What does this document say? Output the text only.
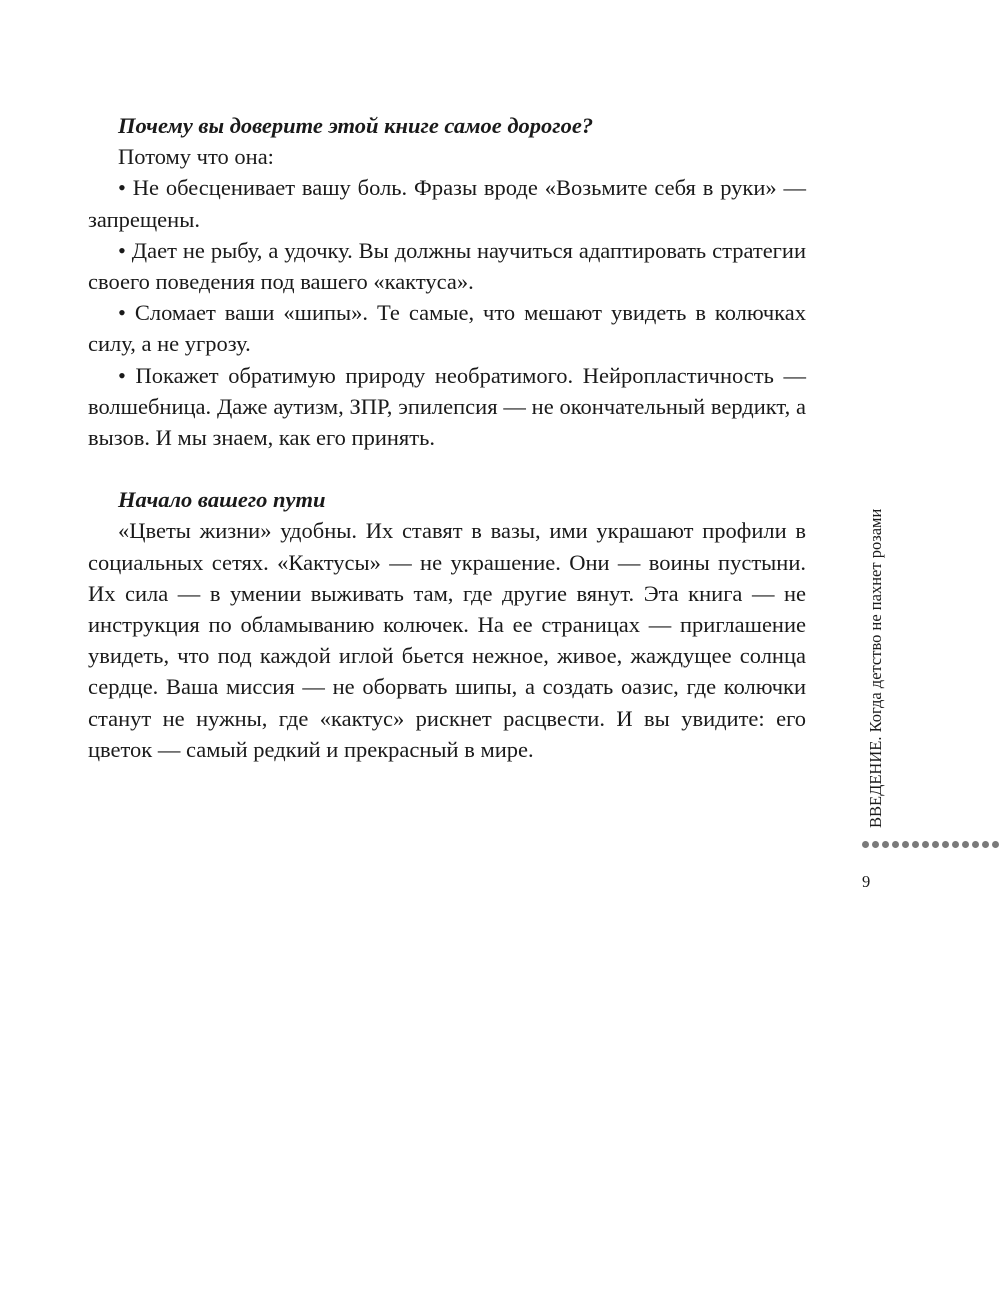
Почему вы доверите этой книге самое дорогое?

Потому что она:

• Не обесценивает вашу боль. Фразы вроде «Возьмите себя в руки» — запрещены.

• Дает не рыбу, а удочку. Вы должны научиться адаптировать стратегии своего поведения под вашего «кактуса».

• Сломает ваши «шипы». Те самые, что мешают увидеть в колючках силу, а не угрозу.

• Покажет обратимую природу необратимого. Нейропластичность — волшебница. Даже аутизм, ЗПР, эпилепсия — не окончательный вердикт, а вызов. И мы знаем, как его принять.

Начало вашего пути

«Цветы жизни» удобны. Их ставят в вазы, ими украшают профили в социальных сетях. «Кактусы» — не украшение. Они — воины пустыни. Их сила — в умении выживать там, где другие вянут. Эта книга — не инструкция по обламыванию колючек. На ее страницах — приглашение увидеть, что под каждой иглой бьется нежное, живое, жаждущее солнца сердце. Ваша миссия — не оборвать шипы, а создать оазис, где колючки станут не нужны, где «кактус» рискнет расцвести. И вы увидите: его цветок — самый редкий и прекрасный в мире.	ВВЕДЕНИЕ. Когда детство не пахнет розами
9
